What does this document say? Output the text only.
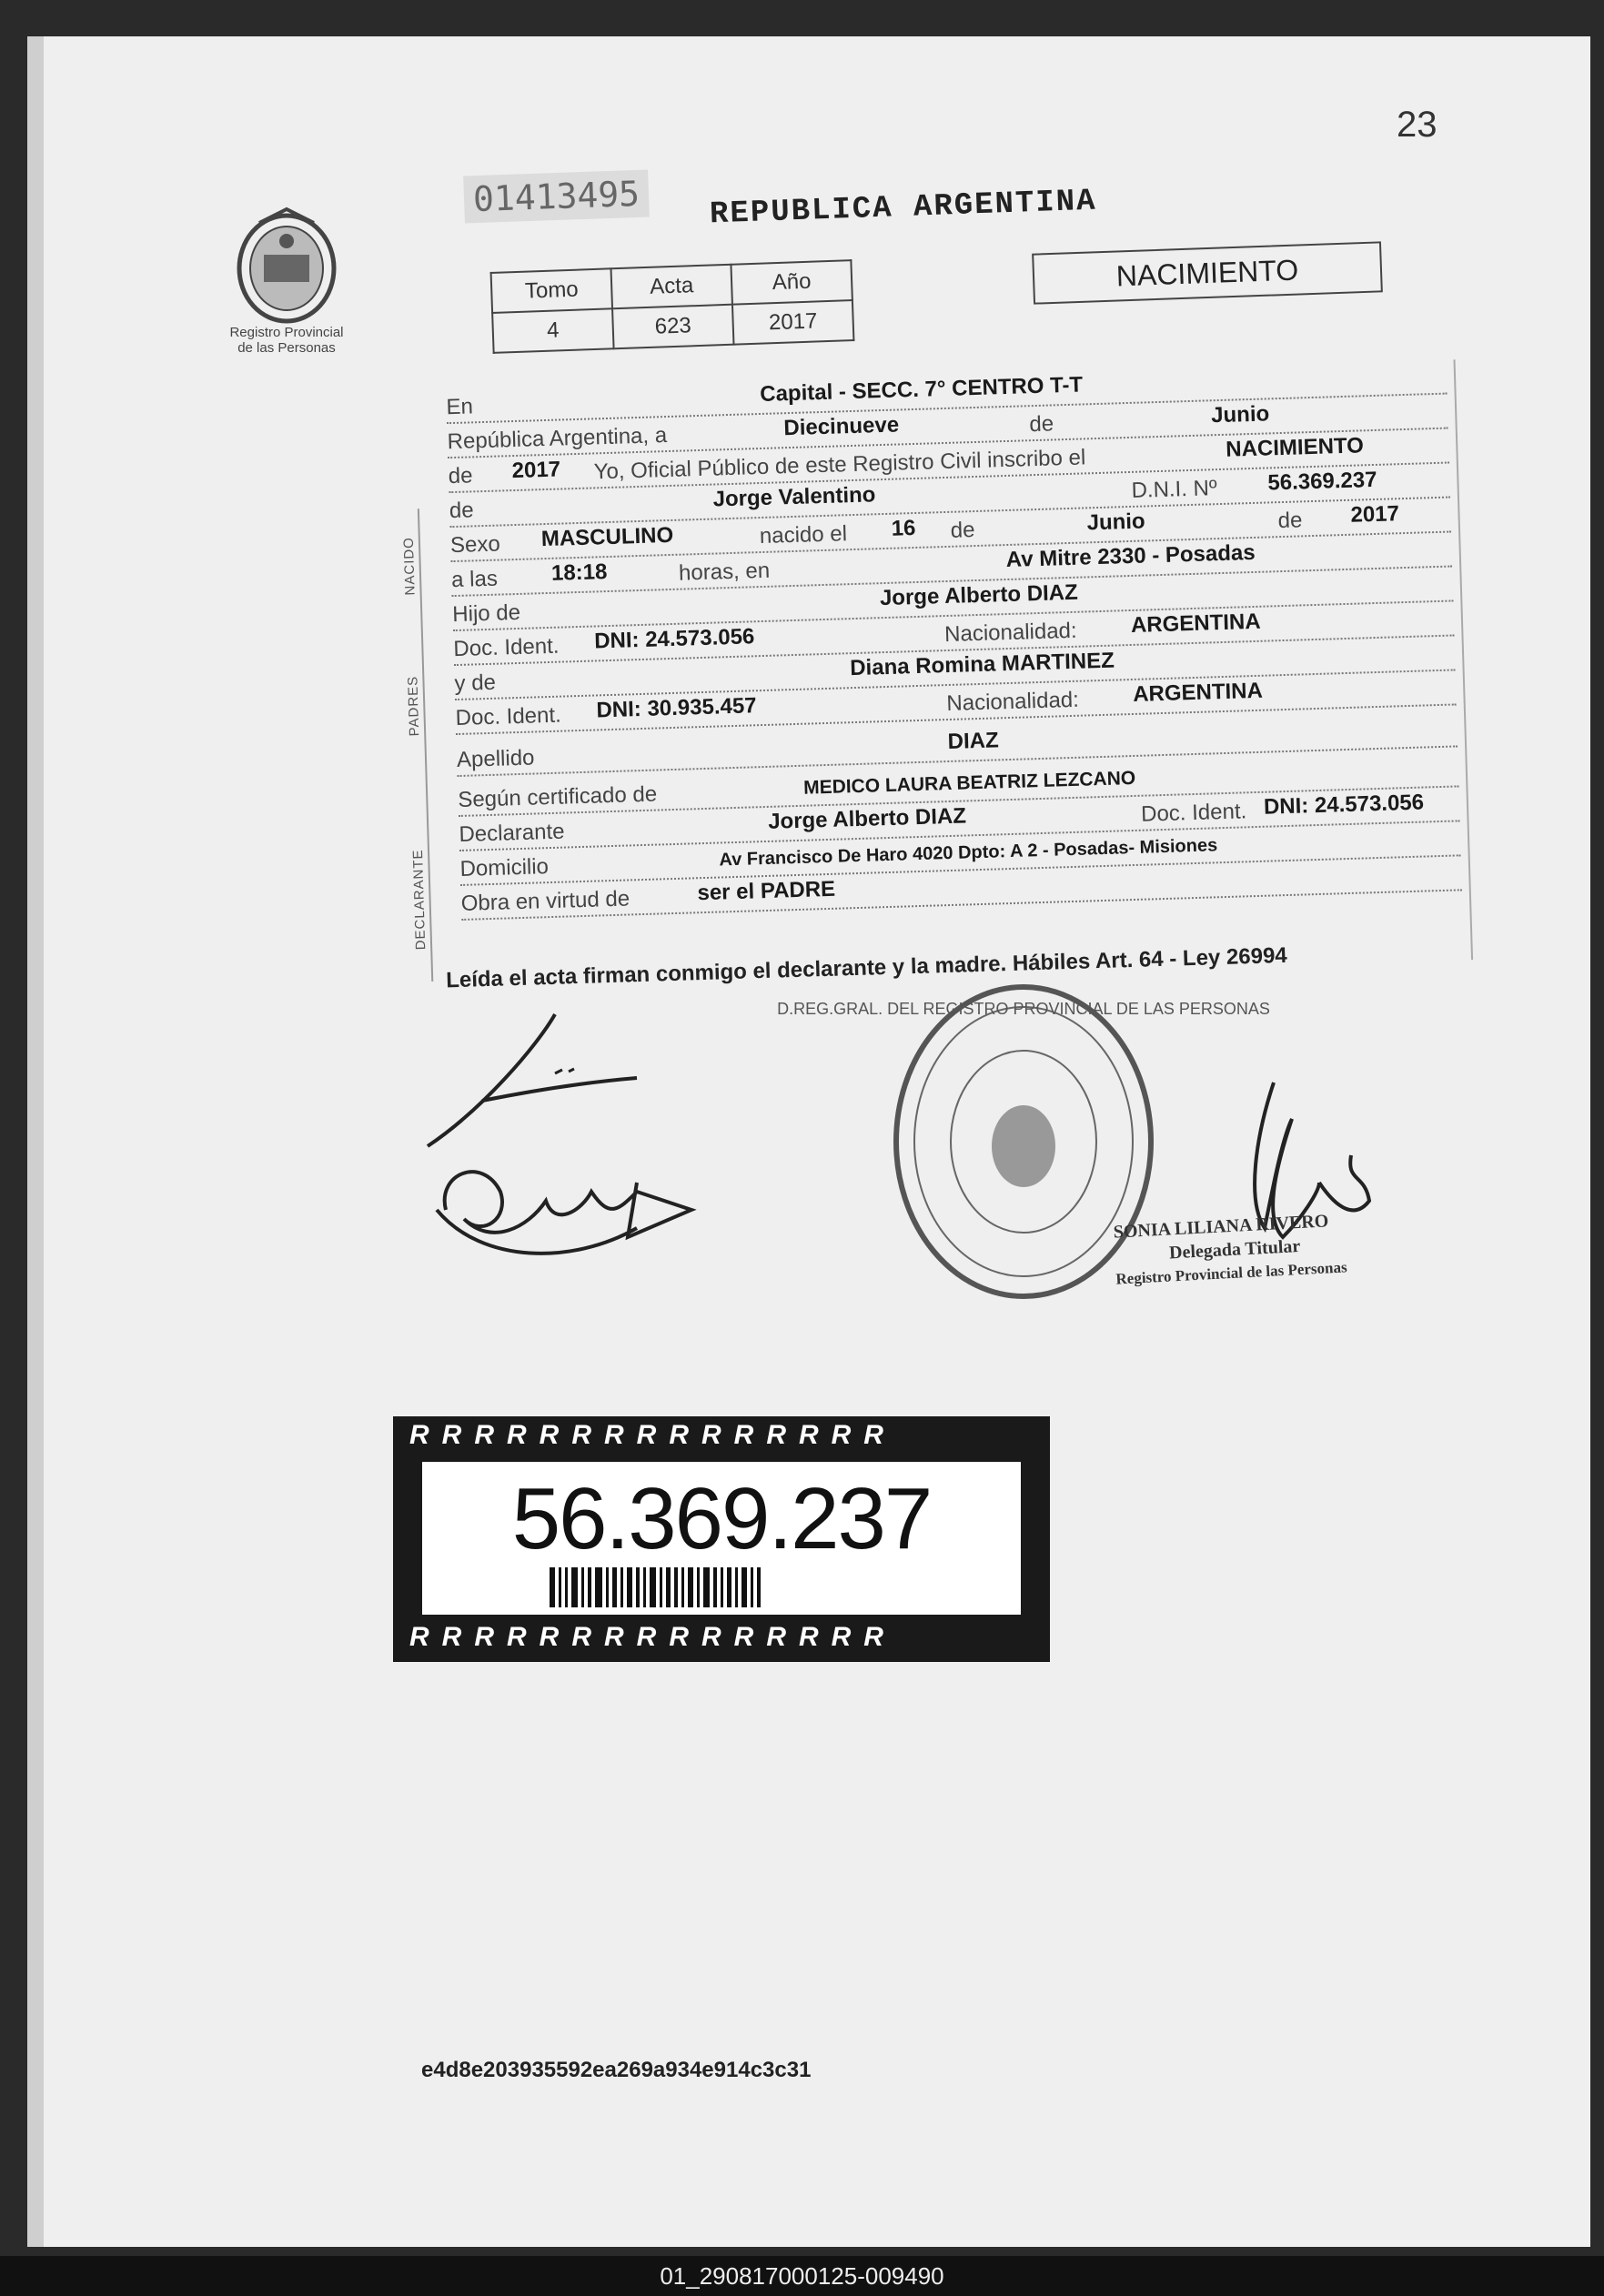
23
01413495 REPUBLICA ARGENTINA
Registro Provincial
de las Personas
Tomo	Acta	Año
4	623	2017
NACIMIENTO
NACIDO
PADRES
DECLARANTE
En
Capital - SECC. 7° CENTRO T-T
República Argentina, a	Diecinueve	de	Junio
de 2017 Yo, Oficial Público de este Registro Civil inscribo el	NACIMIENTO
de	Jorge Valentino	D.N.I. Nº 56.369.237
Sexo MASCULINO	nacido el 16 de	Junio	de 2017
a las 18:18	horas, en	Av Mitre 2330 - Posadas
Hijo de
Jorge Alberto DIAZ
Doc. Ident. DNI: 24.573.056	Nacionalidad: ARGENTINA
y de
Diana Romina MARTINEZ
Doc. Ident. DNI: 30.935.457	Nacionalidad: ARGENTINA
Apellido
DIAZ
Según certificado de	MEDICO LAURA BEATRIZ LEZCANO
Declarante	Jorge Alberto DIAZ	Doc. Ident. DNI: 24.573.056
Domicilio	Av Francisco De Haro 4020 Dpto: A 2 - Posadas- Misiones
Obra en virtud de	ser el PADRE
Leída el acta firman conmigo el declarante y la madre. Hábiles Art. 64 - Ley 26994
D.REG.GRAL. DEL REGISTRO PROVINCIAL DE LAS PERSONAS
SONIA LILIANA RIVERO
Delegada Titular
Registro Provincial de las Personas
RRRRRRRRRRRRRRR
RRRRRRRRRRRRRRR
56.369.237
e4d8e203935592ea269a934e914c3c31
01_290817000125-009490
